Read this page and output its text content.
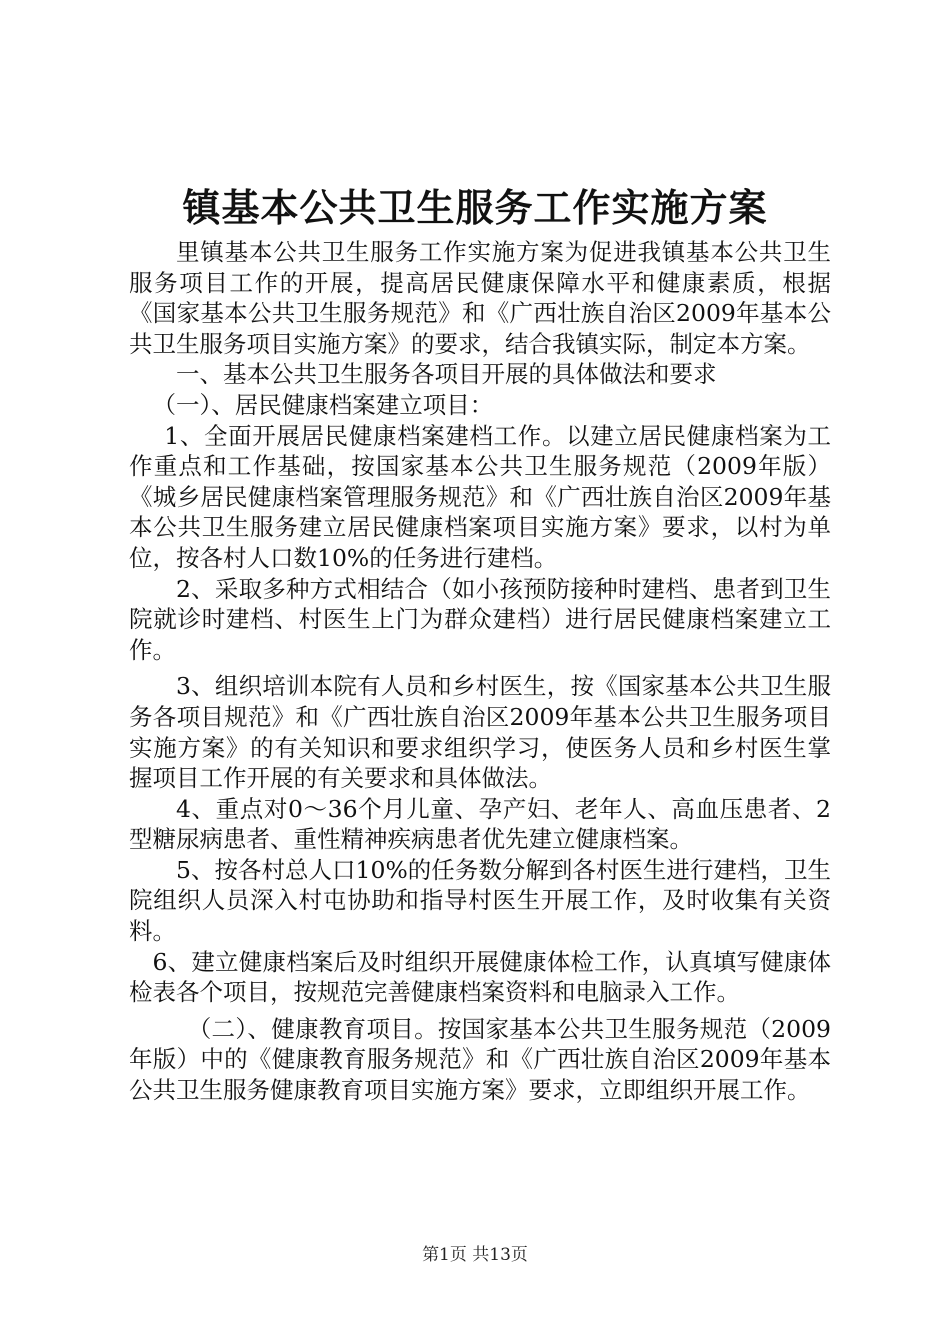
镇基本公共卫生服务工作实施方案

里镇基本公共卫生服务工作实施方案为促进我镇基本公共卫生服务项目工作的开展，提高居民健康保障水平和健康素质，根据《国家基本公共卫生服务规范》和《广西壮族自治区2009年基本公共卫生服务项目实施方案》的要求，结合我镇实际，制定本方案。

一、基本公共卫生服务各项目开展的具体做法和要求

（一）、居民健康档案建立项目：

1、全面开展居民健康档案建档工作。以建立居民健康档案为工作重点和工作基础，按国家基本公共卫生服务规范（2009年版）《城乡居民健康档案管理服务规范》和《广西壮族自治区2009年基本公共卫生服务建立居民健康档案项目实施方案》要求，以村为单位，按各村人口数10%的任务进行建档。

2、采取多种方式相结合（如小孩预防接种时建档、患者到卫生院就诊时建档、村医生上门为群众建档）进行居民健康档案建立工作。

3、组织培训本院有人员和乡村医生，按《国家基本公共卫生服务各项目规范》和《广西壮族自治区2009年基本公共卫生服务项目实施方案》的有关知识和要求组织学习，使医务人员和乡村医生掌握项目工作开展的有关要求和具体做法。

4、重点对0～36个月儿童、孕产妇、老年人、高血压患者、2型糖尿病患者、重性精神疾病患者优先建立健康档案。

5、按各村总人口10%的任务数分解到各村医生进行建档，卫生院组织人员深入村屯协助和指导村医生开展工作，及时收集有关资料。

6、建立健康档案后及时组织开展健康体检工作，认真填写健康体检表各个项目，按规范完善健康档案资料和电脑录入工作。

（二）、健康教育项目。按国家基本公共卫生服务规范（2009年版）中的《健康教育服务规范》和《广西壮族自治区2009年基本公共卫生服务健康教育项目实施方案》要求，立即组织开展工作。

第1页 共13页
